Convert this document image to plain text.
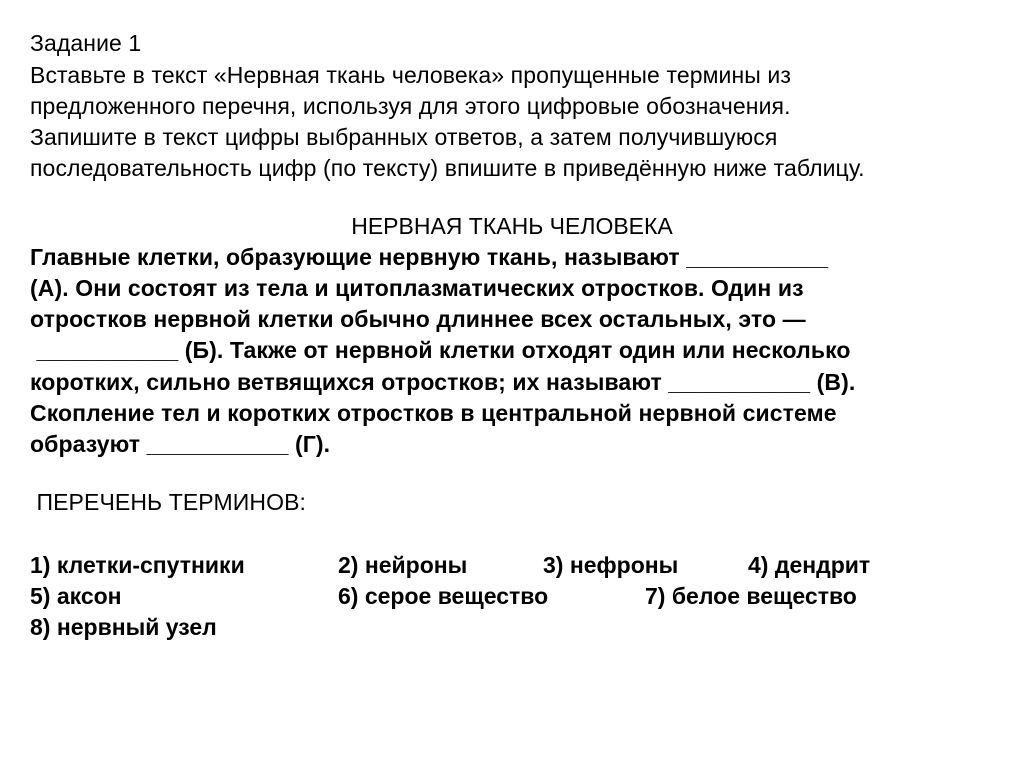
Задание 1
Вставьте в текст «Нервная ткань человека» пропущенные термины из
предложенного перечня, используя для этого цифровые обозначения.
Запишите в текст цифры выбранных ответов, а затем получившуюся
последовательность цифр (по тексту) впишите в приведённую ниже таблицу.
НЕРВНАЯ ТКАНЬ ЧЕЛОВЕКА
Главные клетки, образующие нервную ткань, называют ___________
(А). Они состоят из тела и цитоплазматических отростков. Один из
отростков нервной клетки обычно длиннее всех остальных, это —
___________ (Б). Также от нервной клетки отходят один или несколько
коротких, сильно ветвящихся отростков; их называют ___________ (В).
Скопление тел и коротких отростков в центральной нервной системе
образуют ___________ (Г).
ПЕРЕЧЕНЬ ТЕРМИНОВ:
1) клетки-спутники	2) нейроны	3) нефроны	4) дендрит
5) аксон	6) серое вещество	7) белое вещество
8) нервный узел
